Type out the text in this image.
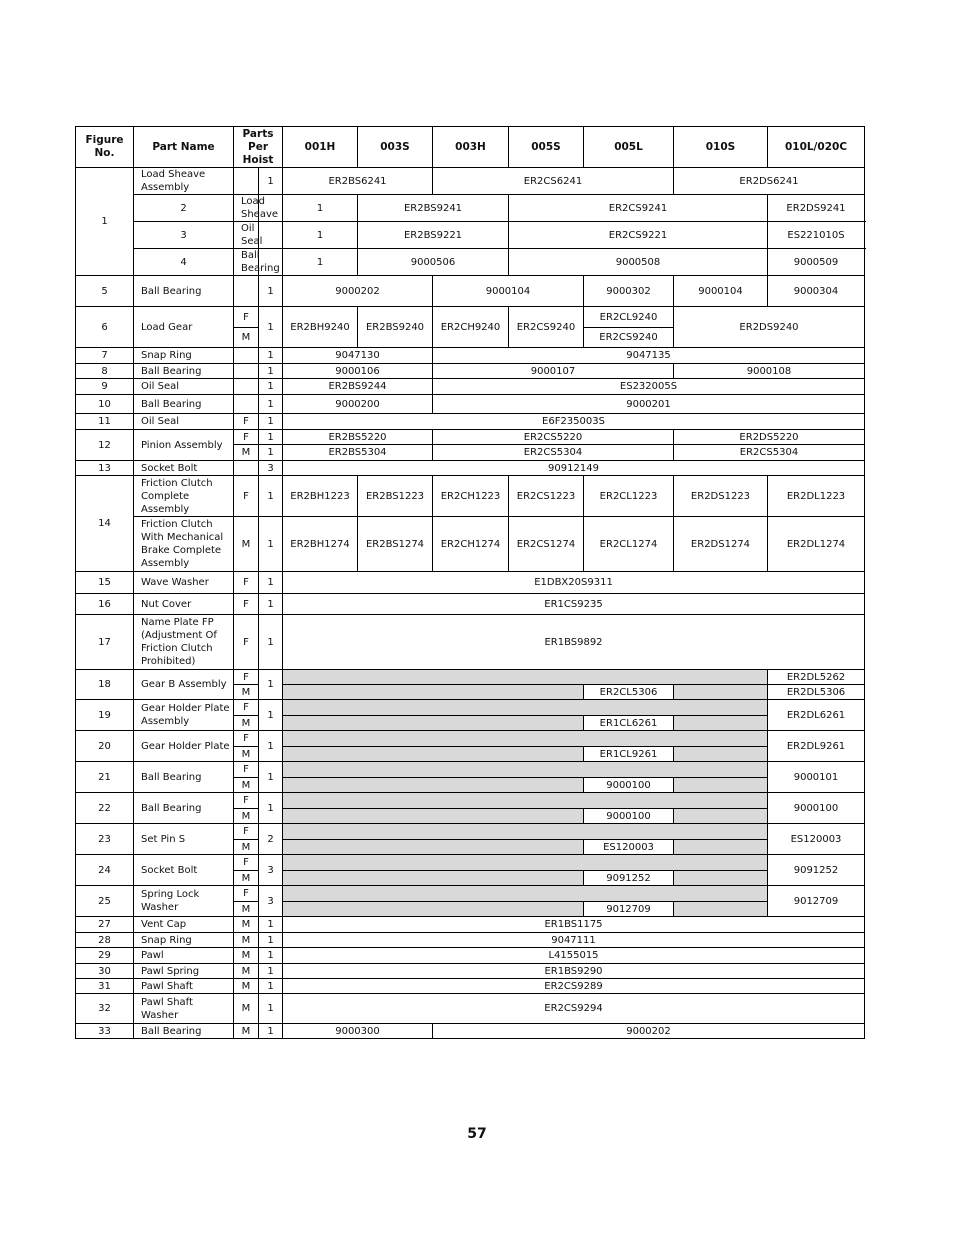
Figure No.	Part Name	Parts Per Hoist		001H	003S	003H	005S	005L	010S	010L/020C
1	Load Sheave Assembly		1	ER2BS6241		ER2CS6241			ER2DS6241	
	2	Load Sheave		1	ER2BS9241		ER2CS9241			ER2DS9241
	3	Oil Seal		1	ER2BS9221		ER2CS9221			ES221010S
	4	Ball Bearing		1	9000506		9000508			9000509
5	Ball Bearing		1	9000202		9000104		9000302	9000104	9000304
6	Load Gear	F	1	ER2BH9240	ER2BS9240	ER2CH9240	ER2CS9240	ER2CL9240	ER2DS9240	
		M						ER2CS9240		
7	Snap Ring		1	9047130		9047135				
8	Ball Bearing		1	9000106		9000107			9000108	
9	Oil Seal		1	ER2BS9244		ES232005S				
10	Ball Bearing		1	9000200		9000201				
11	Oil Seal	F	1	E6F235003S						
12	Pinion Assembly	F	1	ER2BS5220		ER2CS5220			ER2DS5220	
		M	1	ER2BS5304		ER2CS5304			ER2CS5304	
13	Socket Bolt		3	90912149						
14	Friction Clutch Complete Assembly	F	1	ER2BH1223	ER2BS1223	ER2CH1223	ER2CS1223	ER2CL1223	ER2DS1223	ER2DL1223
	Friction Clutch With Mechanical Brake Complete Assembly	M	1	ER2BH1274	ER2BS1274	ER2CH1274	ER2CS1274	ER2CL1274	ER2DS1274	ER2DL1274
15	Wave Washer	F	1	E1DBX20S9311						
16	Nut Cover	F	1	ER1CS9235						
17	Name Plate FP (Adjustment Of Friction Clutch Prohibited)	F	1	ER1BS9892						
18	Gear B Assembly	F	1							ER2DL5262
		M						ER2CL5306		ER2DL5306
19	Gear Holder Plate Assembly	F	1							ER2DL6261
		M						ER1CL6261		
20	Gear Holder Plate	F	1							ER2DL9261
		M						ER1CL9261		
21	Ball Bearing	F	1							9000101
		M						9000100		
22	Ball Bearing	F	1							9000100
		M						9000100		
23	Set Pin S	F	2							ES120003
		M						ES120003		
24	Socket Bolt	F	3							9091252
		M						9091252		
25	Spring Lock Washer	F	3							9012709
		M						9012709		
27	Vent Cap	M	1	ER1BS1175						
28	Snap Ring	M	1	9047111						
29	Pawl	M	1	L4155015						
30	Pawl Spring	M	1	ER1BS9290						
31	Pawl Shaft	M	1	ER2CS9289						
32	Pawl Shaft Washer	M	1	ER2CS9294						
33	Ball Bearing	M	1	9000300		9000202				
57
